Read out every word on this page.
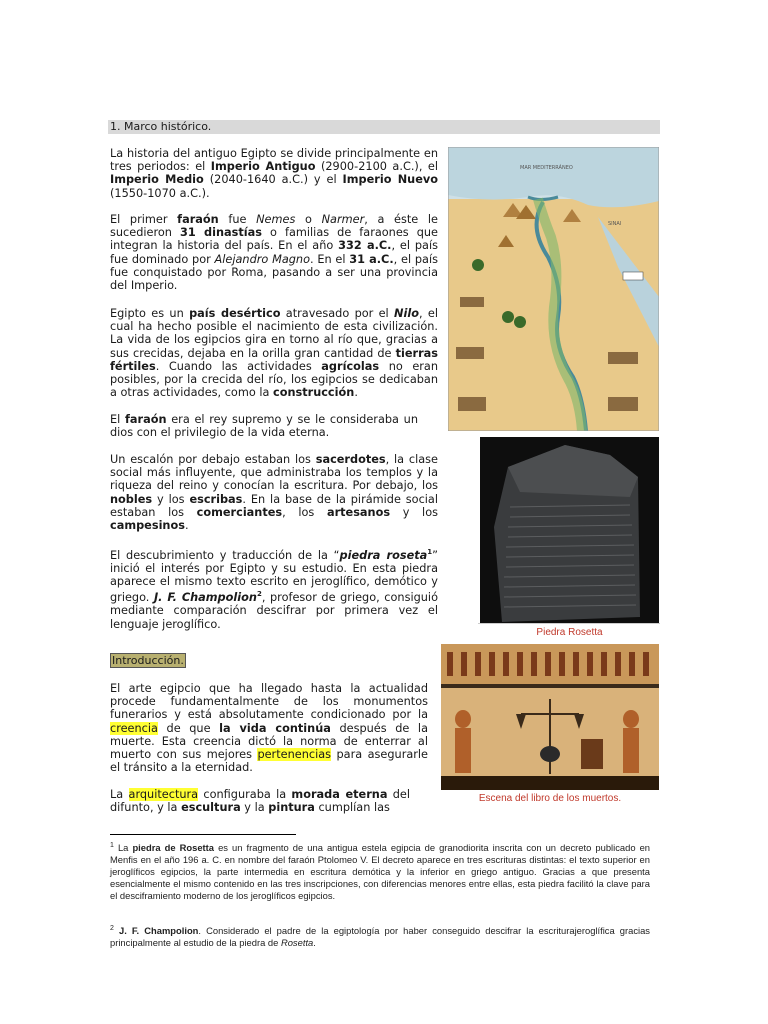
1. Marco histórico.
La historia del antiguo Egipto se divide principalmente en tres periodos: el Imperio Antiguo (2900-2100 a.C.), el Imperio Medio (2040-1640 a.C.) y el Imperio Nuevo (1550-1070 a.C.).
El primer faraón fue Nemes o Narmer, a éste le sucedieron 31 dinastías o familias de faraones que integran la historia del país. En el año 332 a.C., el país fue dominado por Alejandro Magno. En el 31 a.C., el país fue conquistado por Roma, pasando a ser una provincia del Imperio.
Egipto es un país desértico atravesado por el Nilo, el cual ha hecho posible el nacimiento de esta civilización. La vida de los egipcios gira en torno al río que, gracias a sus crecidas, dejaba en la orilla gran cantidad de tierras fértiles. Cuando las actividades agrícolas no eran posibles, por la crecida del río, los egipcios se dedicaban a otras actividades, como la construcción.
El faraón era el rey supremo y se le consideraba un dios con el privilegio de la vida eterna.
Un escalón por debajo estaban los sacerdotes, la clase social más influyente, que administraba los templos y la riqueza del reino y conocían la escritura. Por debajo, los nobles y los escribas. En la base de la pirámide social estaban los comerciantes, los artesanos y los campesinos.
El descubrimiento y traducción de la “piedra roseta$^1$” inició el interés por Egipto y su estudio. En esta piedra aparece el mismo texto escrito en jeroglífico, demótico y griego. J. F. Champolion$^2$, profesor de griego, consiguió mediante comparación descifrar por primera vez el lenguaje jeroglífico.
MAR MEDITERRÁNEO
SINAI
Piedra Rosetta
Introducción.
El arte egipcio que ha llegado hasta la actualidad procede fundamentalmente de los monumentos funerarios y está absolutamente condicionado por la creencia de que la vida continúa después de la muerte. Esta creencia dictó la norma de enterrar al muerto con sus mejores pertenencias para asegurarle el tránsito a la eternidad.
La arquitectura configuraba la morada eterna del difunto, y la escultura y la pintura cumplían las
Escena del libro de los muertos.
$^1$ La piedra de Rosetta es un fragmento de una antigua estela egipcia de granodiorita inscrita con un decreto publicado en Menfis en el año 196 a. C. en nombre del faraón Ptolomeo V. El decreto aparece en tres escrituras distintas: el texto superior en jeroglíficos egipcios, la parte intermedia en escritura demótica y la inferior en griego antiguo. Gracias a que presenta esencialmente el mismo contenido en las tres inscripciones, con diferencias menores entre ellas, esta piedra facilitó la clave para el desciframiento moderno de los jeroglíficos egipcios.
$^2$ J. F. Champolion. Considerado el padre de la egiptología por haber conseguido descifrar la escriturajeroglífica gracias principalmente al estudio de la piedra de Rosetta.
